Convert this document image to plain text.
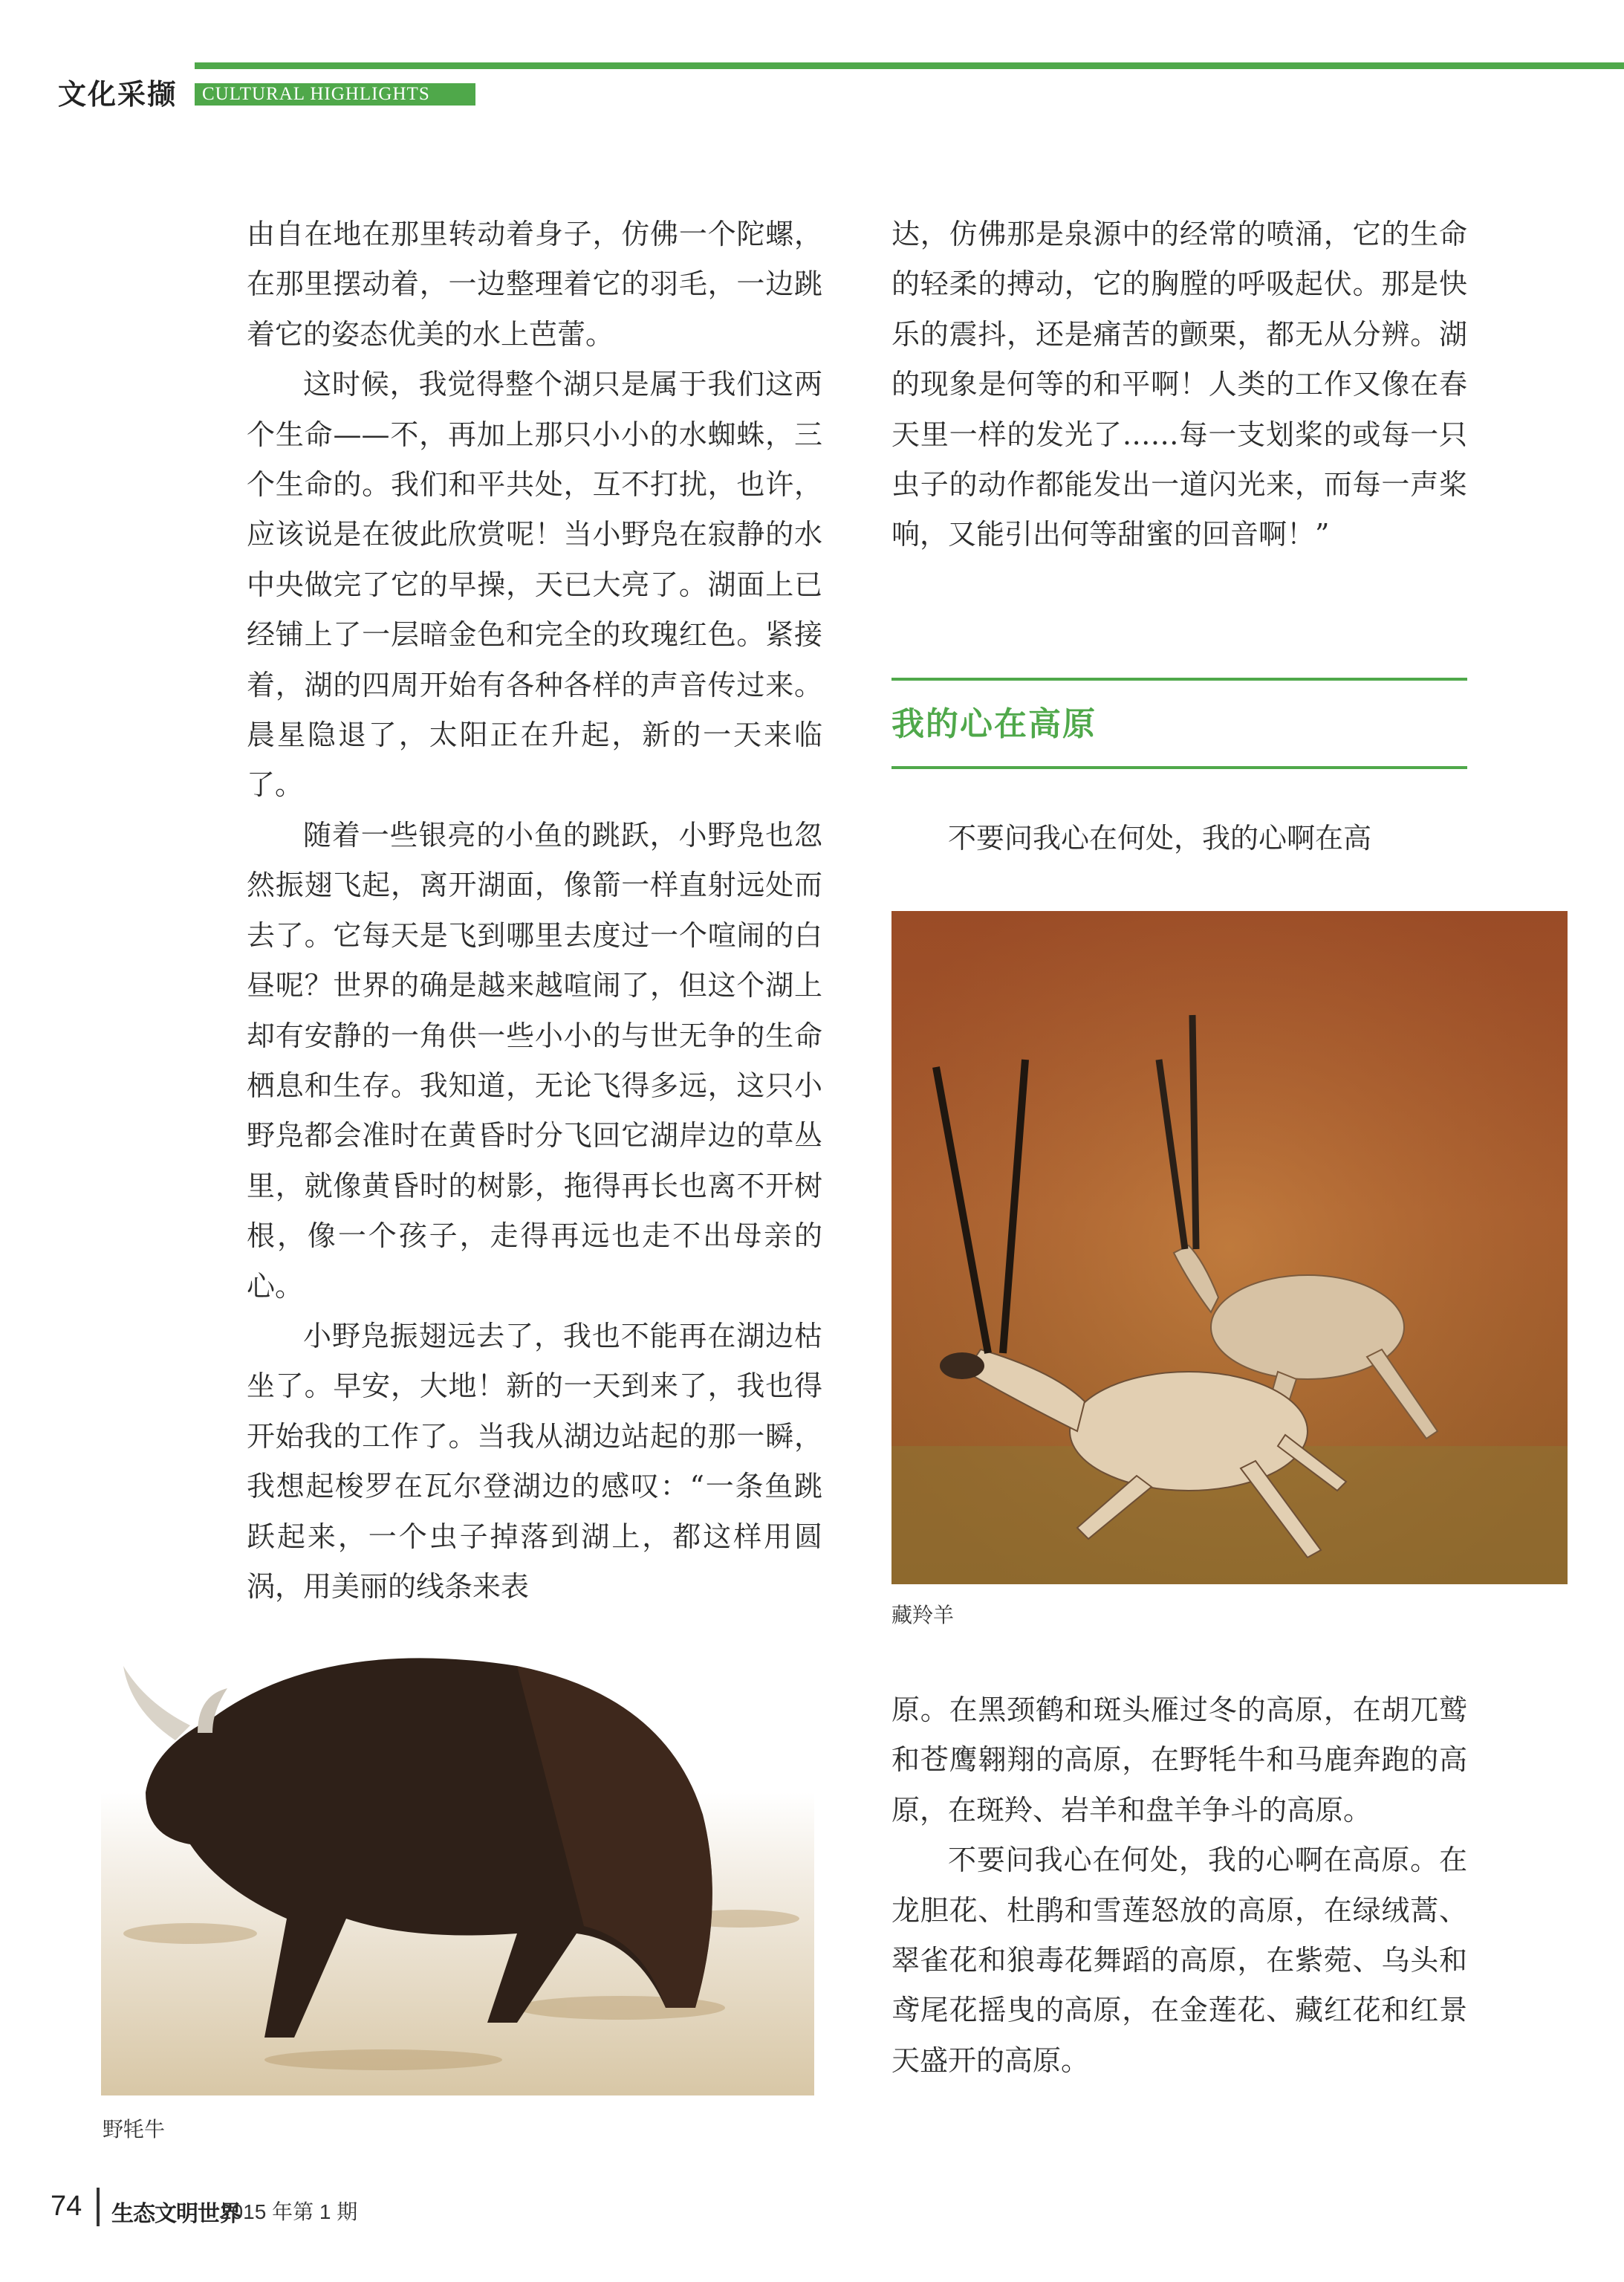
文化采撷	CULTURAL HIGHLIGHTS

由自在地在那里转动着身子，仿佛一个陀螺，在那里摆动着，一边整理着它的羽毛，一边跳着它的姿态优美的水上芭蕾。

这时候，我觉得整个湖只是属于我们这两个生命——不，再加上那只小小的水蜘蛛，三个生命的。我们和平共处，互不打扰，也许，应该说是在彼此欣赏呢！当小野凫在寂静的水中央做完了它的早操，天已大亮了。湖面上已经铺上了一层暗金色和完全的玫瑰红色。紧接着，湖的四周开始有各种各样的声音传过来。晨星隐退了，太阳正在升起，新的一天来临了。

随着一些银亮的小鱼的跳跃，小野凫也忽然振翅飞起，离开湖面，像箭一样直射远处而去了。它每天是飞到哪里去度过一个喧闹的白昼呢？世界的确是越来越喧闹了，但这个湖上却有安静的一角供一些小小的与世无争的生命栖息和生存。我知道，无论飞得多远，这只小野凫都会准时在黄昏时分飞回它湖岸边的草丛里，就像黄昏时的树影，拖得再长也离不开树根，像一个孩子，走得再远也走不出母亲的心。

小野凫振翅远去了，我也不能再在湖边枯坐了。早安，大地！新的一天到来了，我也得开始我的工作了。当我从湖边站起的那一瞬，我想起梭罗在瓦尔登湖边的感叹：“一条鱼跳跃起来，一个虫子掉落到湖上，都这样用圆涡，用美丽的线条来表

达，仿佛那是泉源中的经常的喷涌，它的生命的轻柔的搏动，它的胸膛的呼吸起伏。那是快乐的震抖，还是痛苦的颤栗，都无从分辨。湖的现象是何等的和平啊！人类的工作又像在春天里一样的发光了……每一支划桨的或每一只虫子的动作都能发出一道闪光来，而每一声桨响，又能引出何等甜蜜的回音啊！”

我的心在高原

不要问我心在何处，我的心啊在高

藏羚羊
野牦牛

原。在黑颈鹤和斑头雁过冬的高原，在胡兀鹫和苍鹰翱翔的高原，在野牦牛和马鹿奔跑的高原，在斑羚、岩羊和盘羊争斗的高原。

不要问我心在何处，我的心啊在高原。在龙胆花、杜鹃和雪莲怒放的高原，在绿绒蒿、翠雀花和狼毒花舞蹈的高原，在紫菀、乌头和鸢尾花摇曳的高原，在金莲花、藏红花和红景天盛开的高原。

74 生态文明世界
2015 年第 1 期
